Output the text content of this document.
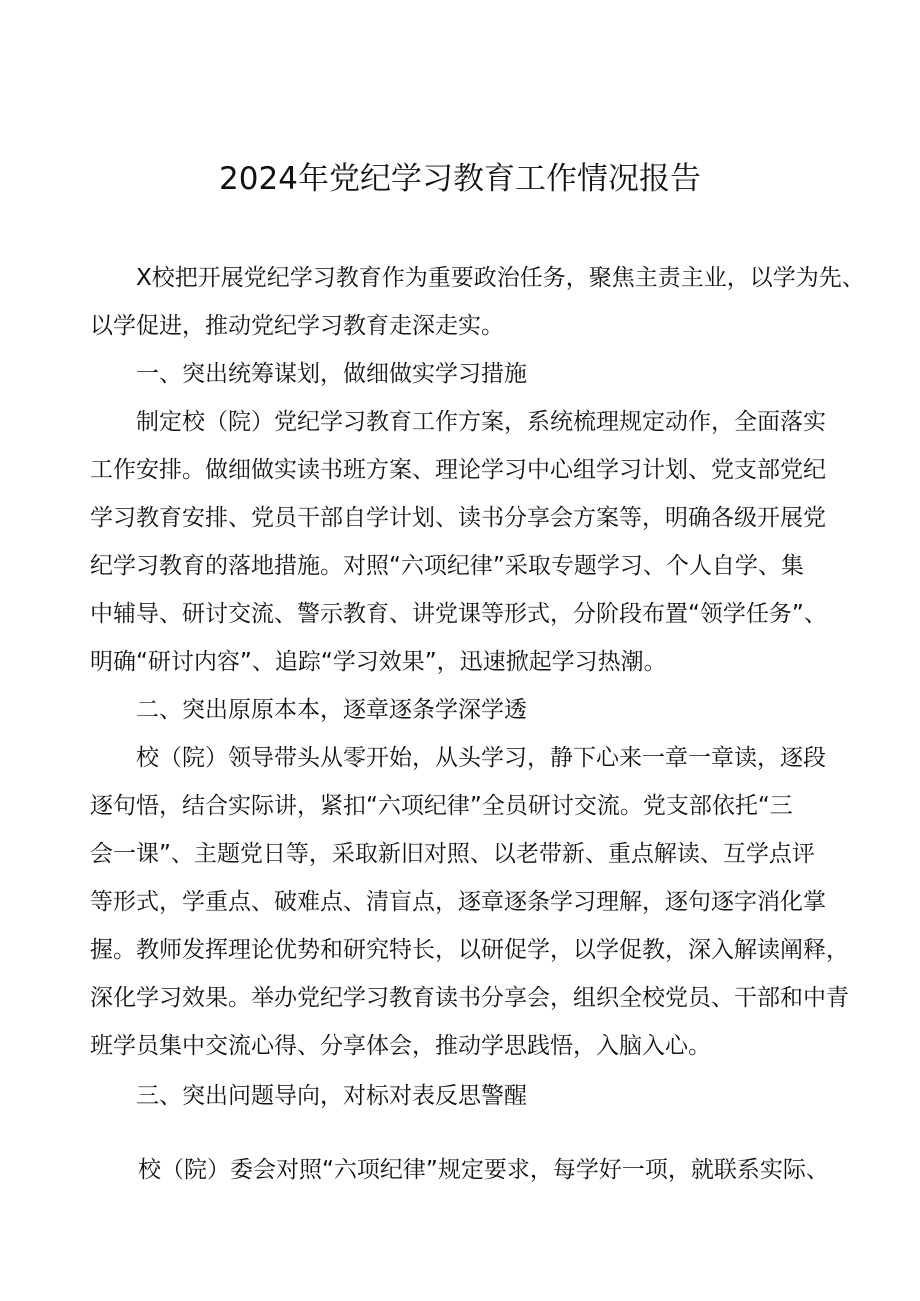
2024年党纪学习教育工作情况报告
X校把开展党纪学习教育作为重要政治任务，聚焦主责主业，以学为先、
以学促进，推动党纪学习教育走深走实。
一、突出统筹谋划，做细做实学习措施
制定校（院）党纪学习教育工作方案，系统梳理规定动作，全面落实
工作安排。做细做实读书班方案、理论学习中心组学习计划、党支部党纪
学习教育安排、党员干部自学计划、读书分享会方案等，明确各级开展党
纪学习教育的落地措施。对照“六项纪律”采取专题学习、个人自学、集
中辅导、研讨交流、警示教育、讲党课等形式，分阶段布置“领学任务”、
明确“研讨内容”、追踪“学习效果”，迅速掀起学习热潮。
二、突出原原本本，逐章逐条学深学透
校（院）领导带头从零开始，从头学习，静下心来一章一章读，逐段
逐句悟，结合实际讲，紧扣“六项纪律”全员研讨交流。党支部依托“三
会一课”、主题党日等，采取新旧对照、以老带新、重点解读、互学点评
等形式，学重点、破难点、清盲点，逐章逐条学习理解，逐句逐字消化掌
握。教师发挥理论优势和研究特长，以研促学，以学促教，深入解读阐释，
深化学习效果。举办党纪学习教育读书分享会，组织全校党员、干部和中青
班学员集中交流心得、分享体会，推动学思践悟，入脑入心。
三、突出问题导向，对标对表反思警醒
校（院）委会对照“六项纪律”规定要求，每学好一项，就联系实际、
